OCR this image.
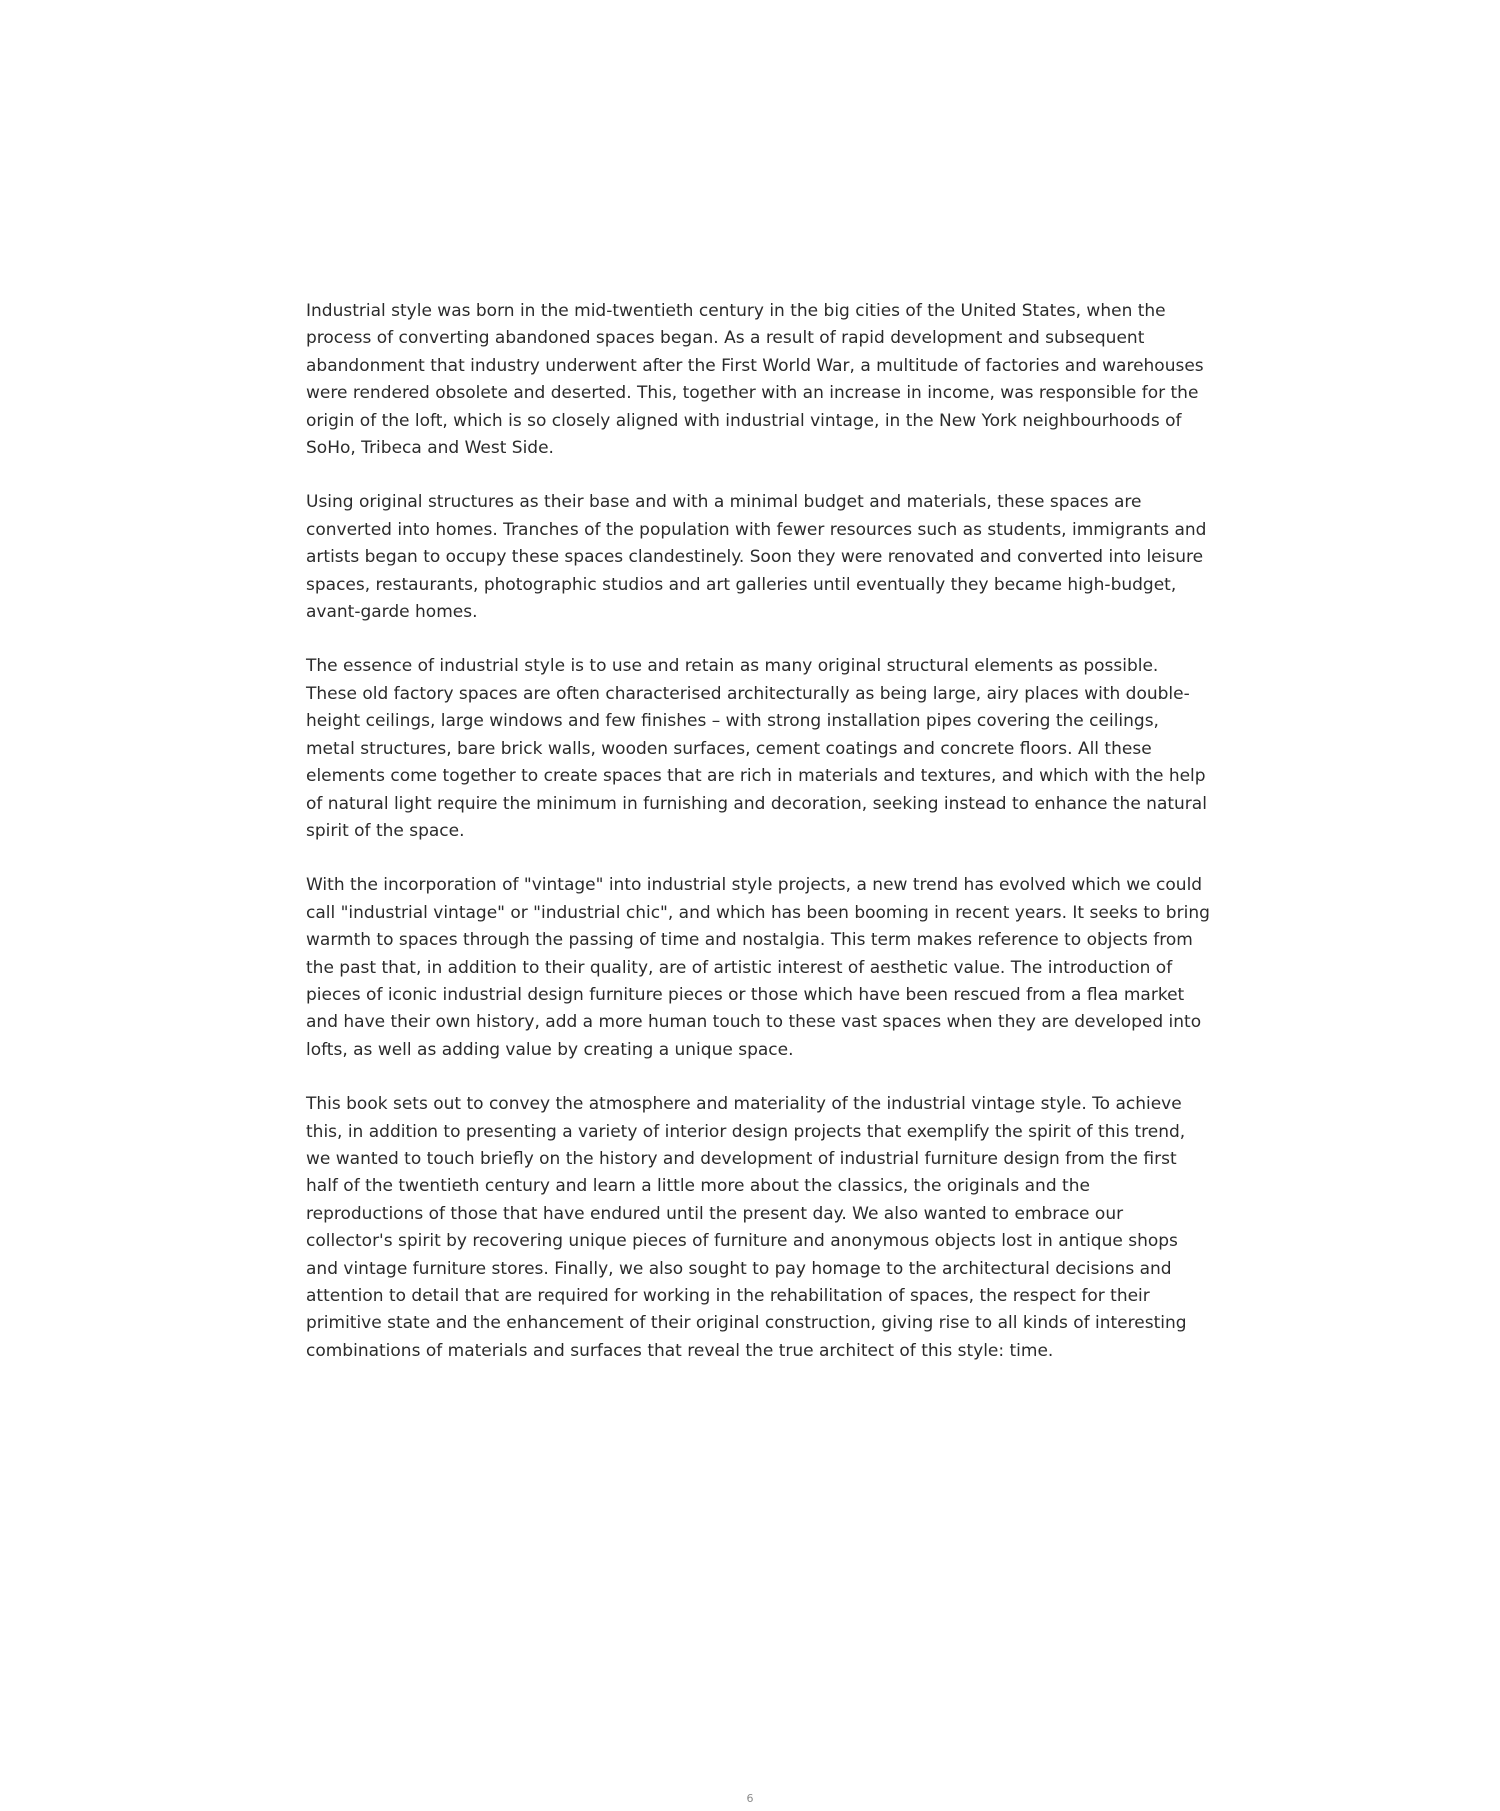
Industrial style was born in the mid-twentieth century in the big cities of the United States, when the process of converting abandoned spaces began. As a result of rapid development and subsequent abandonment that industry underwent after the First World War, a multitude of factories and warehouses were rendered obsolete and deserted. This, together with an increase in income, was responsible for the origin of the loft, which is so closely aligned with industrial vintage, in the New York neighbourhoods of SoHo, Tribeca and West Side.

Using original structures as their base and with a minimal budget and materials, these spaces are converted into homes. Tranches of the population with fewer resources such as students, immigrants and artists began to occupy these spaces clandestinely. Soon they were renovated and converted into leisure spaces, restaurants, photographic studios and art galleries until eventually they became high-budget, avant-garde homes.

The essence of industrial style is to use and retain as many original structural elements as possible. These old factory spaces are often characterised architecturally as being large, airy places with double-height ceilings, large windows and few finishes – with strong installation pipes covering the ceilings, metal structures, bare brick walls, wooden surfaces, cement coatings and concrete floors. All these elements come together to create spaces that are rich in materials and textures, and which with the help of natural light require the minimum in furnishing and decoration, seeking instead to enhance the natural spirit of the space.

With the incorporation of "vintage" into industrial style projects, a new trend has evolved which we could call "industrial vintage" or "industrial chic", and which has been booming in recent years. It seeks to bring warmth to spaces through the passing of time and nostalgia. This term makes reference to objects from the past that, in addition to their quality, are of artistic interest of aesthetic value. The introduction of pieces of iconic industrial design furniture pieces or those which have been rescued from a flea market and have their own history, add a more human touch to these vast spaces when they are developed into lofts, as well as adding value by creating a unique space.

This book sets out to convey the atmosphere and materiality of the industrial vintage style. To achieve this, in addition to presenting a variety of interior design projects that exemplify the spirit of this trend, we wanted to touch briefly on the history and development of industrial furniture design from the first half of the twentieth century and learn a little more about the classics, the originals and the reproductions of those that have endured until the present day. We also wanted to embrace our collector's spirit by recovering unique pieces of furniture and anonymous objects lost in antique shops and vintage furniture stores. Finally, we also sought to pay homage to the architectural decisions and attention to detail that are required for working in the rehabilitation of spaces, the respect for their primitive state and the enhancement of their original construction, giving rise to all kinds of interesting combinations of materials and surfaces that reveal the true architect of this style: time.

6
